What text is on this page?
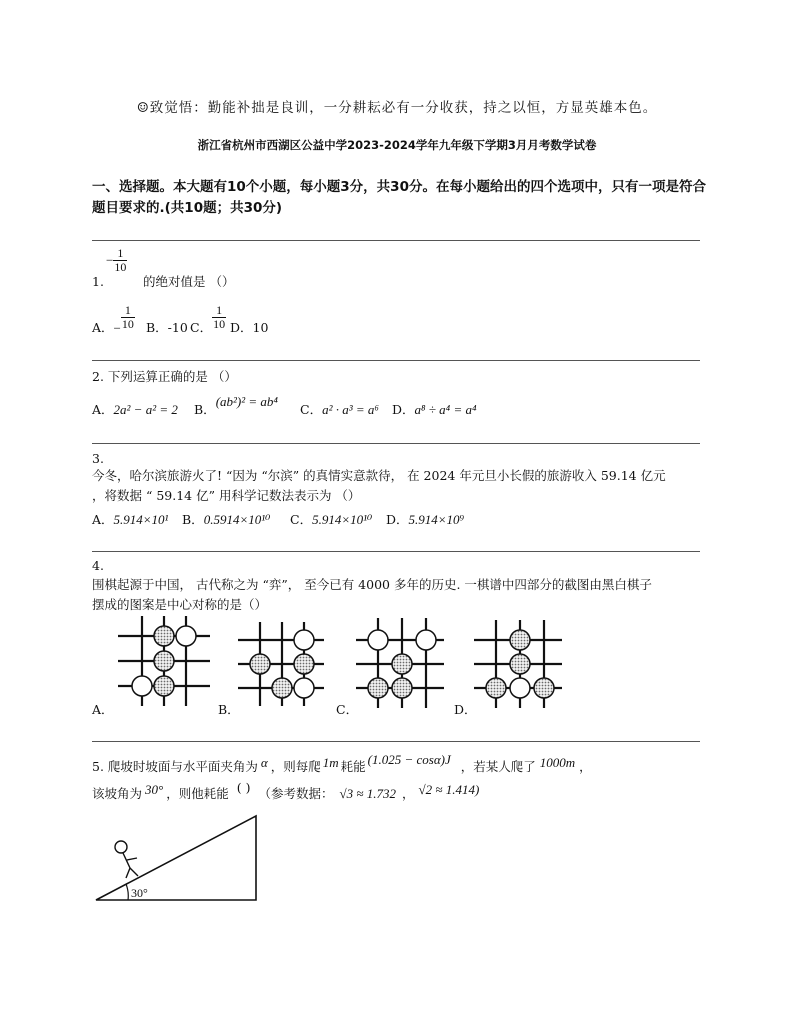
☺致觉悟：勤能补拙是良训，一分耕耘必有一分收获，持之以恒，方显英雄本色。
浙江省杭州市西湖区公益中学2023-2024学年九年级下学期3月月考数学试卷
一、选择题。本大题有10个小题，每小题3分，共30分。在每小题给出的四个选项中，只有一项是符合题目要求的.(共10题；共30分)
− $\frac{1}{10}$
1.	的绝对值是 （）
A．− $\frac{1}{10}$ B．-10 C． $\frac{1}{10}$ D．10
2. 下列运算正确的是 （）
A．2a² − a² = 2 B．(ab²)² = ab⁴
C．a² · a³ = a⁶ D．a⁸ ÷ a⁴ = a⁴
3.
今冬，哈尔滨旅游火了! “因为 “尔滨” 的真情实意款待， 在 2024 年元旦小长假的旅游收入 59.14 亿元
，将数据 “ 59.14 亿” 用科学记数法表示为 （）
A．5.914×10¹ B．0.5914×10¹⁰ C．5.914×10¹⁰ D．5.914×10⁹
4.
围棋起源于中国， 古代称之为 “弈”， 至今已有 4000 多年的历史. 一棋谱中四部分的截图由黑白棋子
摆成的图案是中心对称的是（）
A．	B．	C．	D．
5. 爬坡时坡面与水平面夹角为 α ，则每爬 1m 耗能 (1.025 − cosα)J ，若某人爬了 1000m ，
该坡角为 30° ，则他耗能 ( ) （参考数据： √3 ≈ 1.732 ， √2 ≈ 1.414)
30°
